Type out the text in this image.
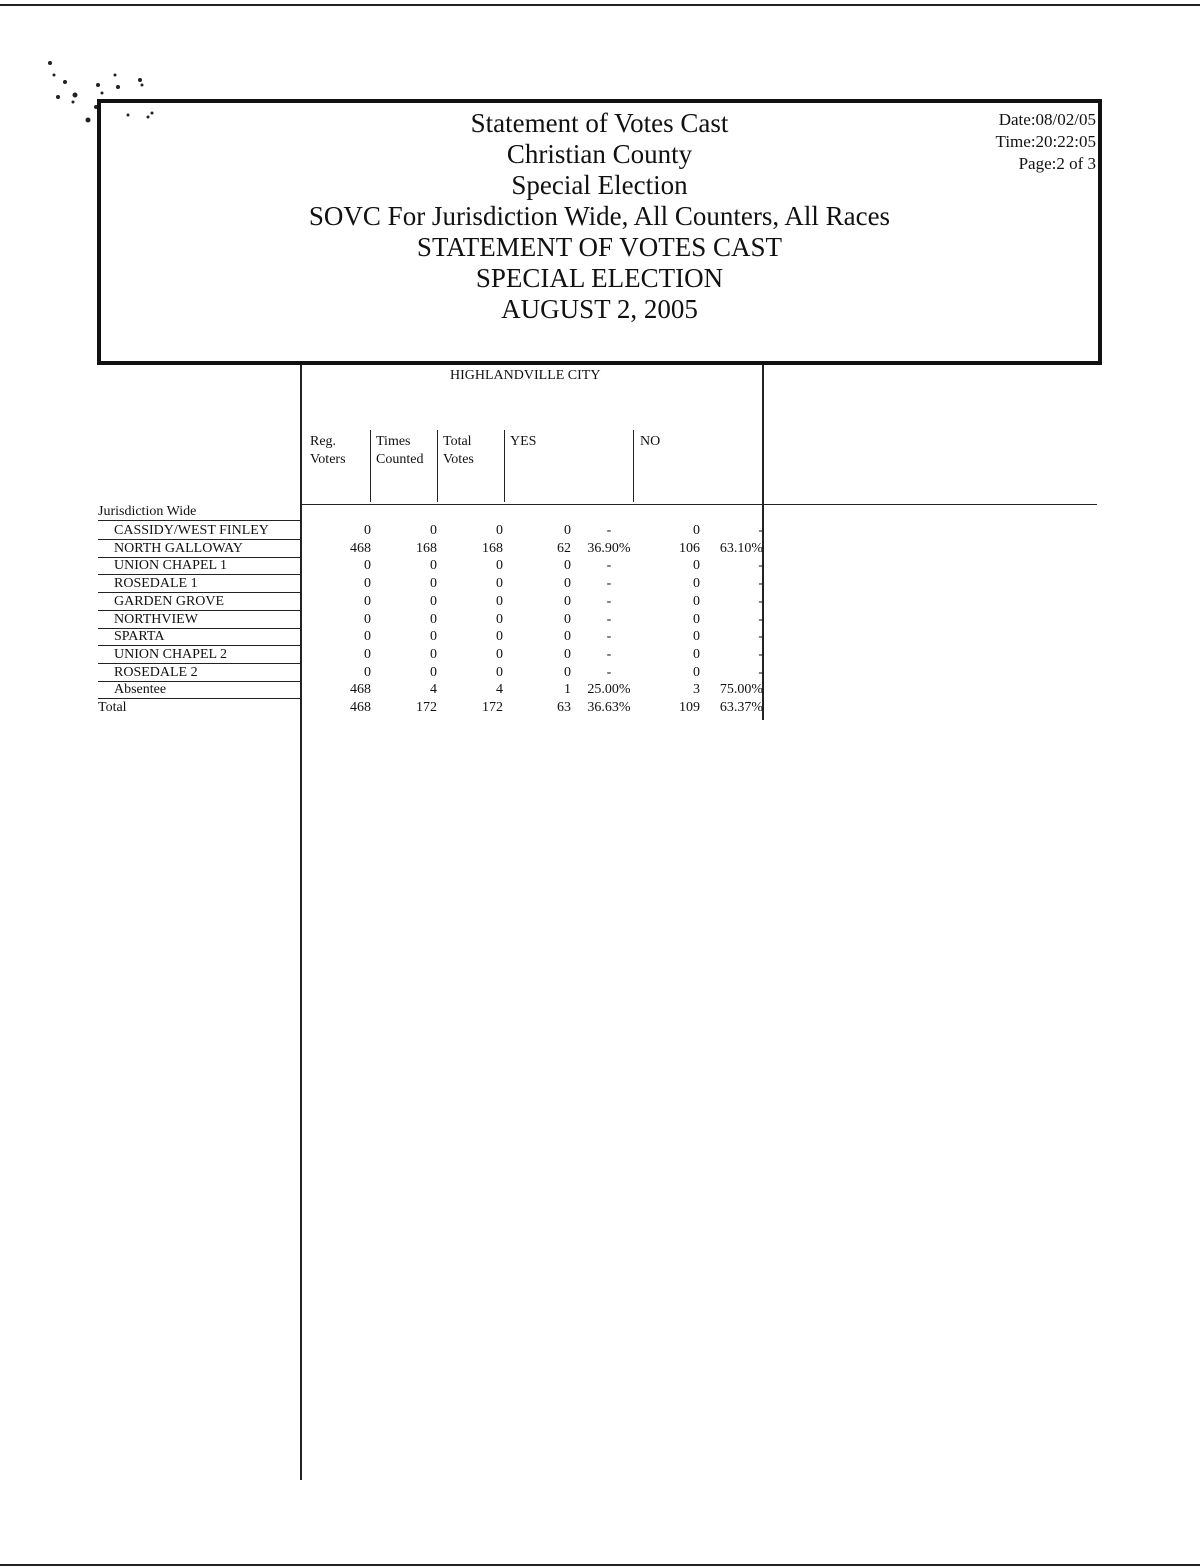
Statement of Votes Cast
Christian County
Special Election
SOVC For Jurisdiction Wide, All Counters, All Races
STATEMENT OF VOTES CAST
SPECIAL ELECTION
AUGUST 2, 2005
Date:08/02/05
Time:20:22:05
Page:2 of 3
HIGHLANDVILLE CITY
Reg.
Voters
Times
Counted
Total
Votes
YES	NO
Jurisdiction Wide
CASSIDY/WEST FINLEY	0	0	0	0	-	0	-
NORTH GALLOWAY	468	168	168	62	36.90%	106 63.10%
UNION CHAPEL 1	0	0	0	0	-	0	-
ROSEDALE 1	0	0	0	0	-	0	-
GARDEN GROVE	0	0	0	0	-	0	-
NORTHVIEW	0	0	0	0	-	0	-
SPARTA	0	0	0	0	-	0	-
UNION CHAPEL 2	0	0	0	0	-	0	-
ROSEDALE 2	0	0	0	0	-	0	-
Absentee	468	4	4	1	25.00%	3 75.00%
Total	468	172	172	63	36.63%	109 63.37%
